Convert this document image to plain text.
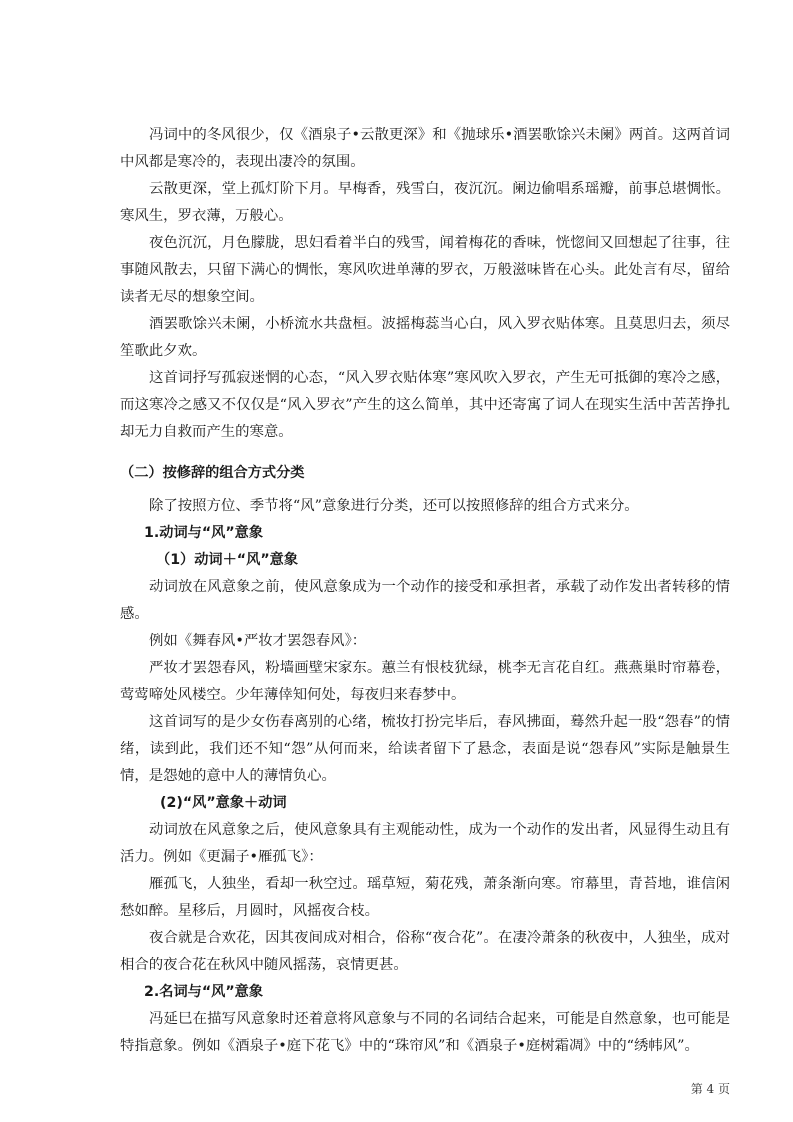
冯词中的冬风很少，仅《酒泉子•云散更深》和《抛球乐•酒罢歌馀兴未阑》两首。这两首词中风都是寒冷的，表现出凄冷的氛围。

云散更深，堂上孤灯阶下月。早梅香，残雪白，夜沉沉。阑边偷唱系瑶瓣，前事总堪惆怅。寒风生，罗衣薄，万般心。

夜色沉沉，月色朦胧，思妇看着半白的残雪，闻着梅花的香味，恍惚间又回想起了往事，往事随风散去，只留下满心的惆怅，寒风吹进单薄的罗衣，万般滋味皆在心头。此处言有尽，留给读者无尽的想象空间。

酒罢歌馀兴未阑，小桥流水共盘桓。波摇梅蕊当心白，风入罗衣贴体寒。且莫思归去，须尽笙歌此夕欢。

这首词抒写孤寂迷惘的心态，“风入罗衣贴体寒”寒风吹入罗衣，产生无可抵御的寒冷之感，而这寒冷之感又不仅仅是“风入罗衣”产生的这么简单，其中还寄寓了词人在现实生活中苦苦挣扎却无力自救而产生的寒意。

（二）按修辞的组合方式分类

除了按照方位、季节将“风”意象进行分类，还可以按照修辞的组合方式来分。

1.动词与“风”意象

（1）动词＋“风”意象

动词放在风意象之前，使风意象成为一个动作的接受和承担者，承载了动作发出者转移的情感。

例如《舞春风•严妆才罢怨春风》：

严妆才罢怨春风，粉墙画壁宋家东。蕙兰有恨枝犹绿，桃李无言花自红。燕燕巢时帘幕卷，莺莺啼处风楼空。少年薄倖知何处，每夜归来春梦中。

这首词写的是少女伤春离别的心绪，梳妆打扮完毕后，春风拂面，蓦然升起一股“怨春”的情绪，读到此，我们还不知“怨”从何而来，给读者留下了悬念，表面是说“怨春风”实际是触景生情，是怨她的意中人的薄情负心。

(2)“风”意象＋动词

动词放在风意象之后，使风意象具有主观能动性，成为一个动作的发出者，风显得生动且有活力。例如《更漏子•雁孤飞》：

雁孤飞，人独坐，看却一秋空过。瑶草短，菊花残，萧条渐向寒。帘幕里，青苔地，谁信闲愁如醉。星移后，月圆时，风摇夜合枝。

夜合就是合欢花，因其夜间成对相合，俗称“夜合花”。在凄冷萧条的秋夜中，人独坐，成对相合的夜合花在秋风中随风摇荡，哀情更甚。

2.名词与“风”意象

冯延巳在描写风意象时还着意将风意象与不同的名词结合起来，可能是自然意象，也可能是特指意象。例如《酒泉子•庭下花飞》中的“珠帘风”和《酒泉子•庭树霜凋》中的“绣帏风”。

第 4 页
